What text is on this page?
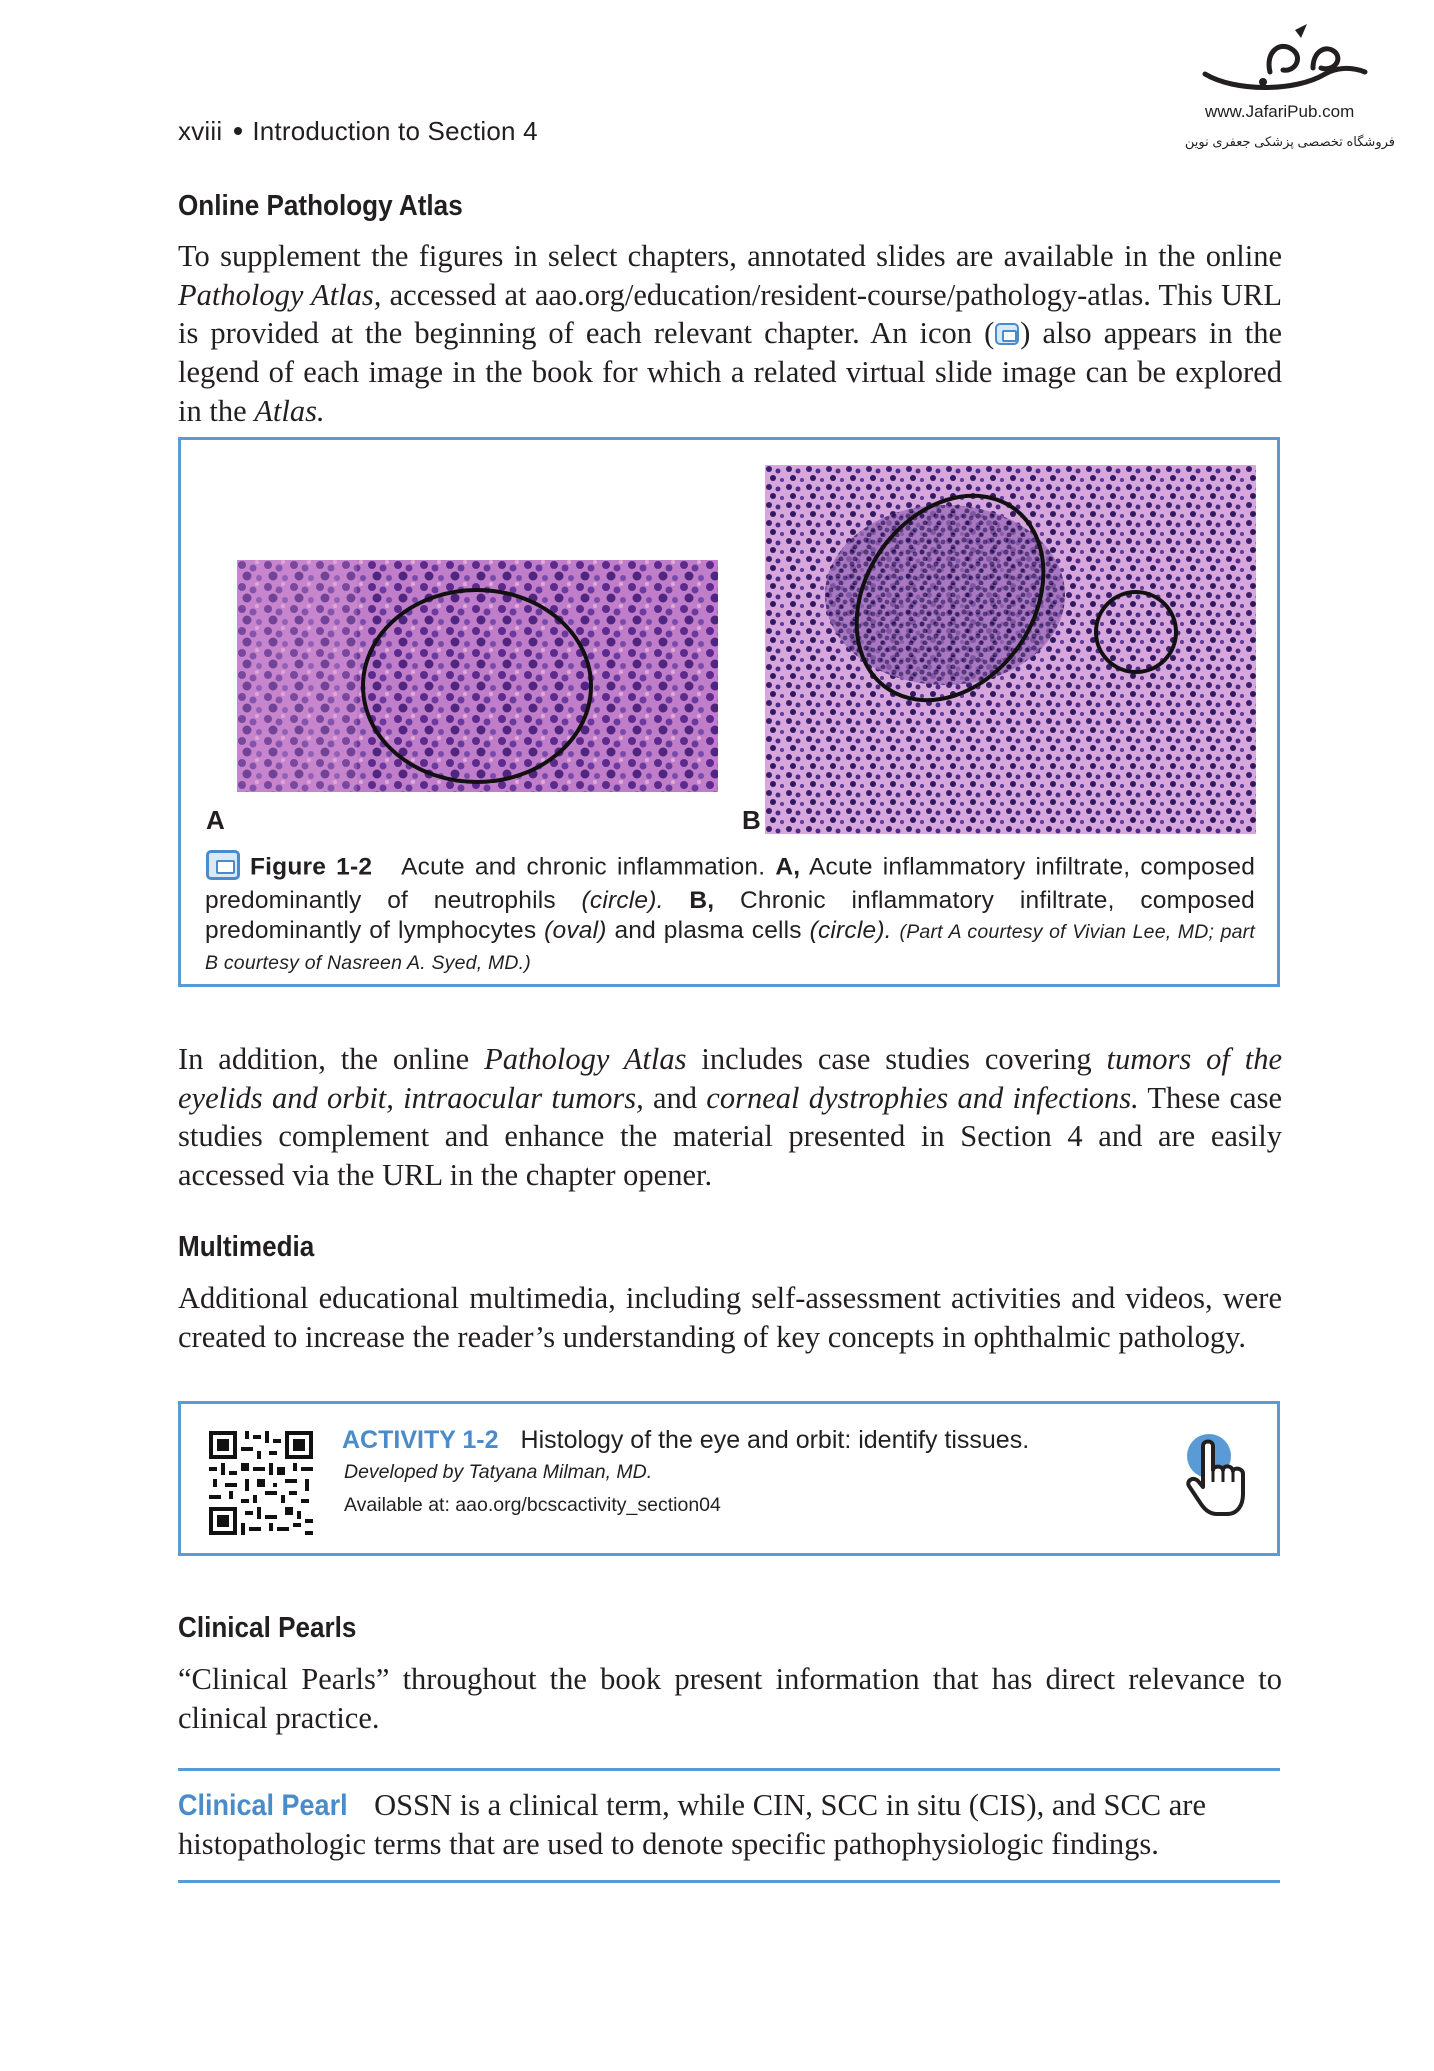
xviii Introduction to Section 4
www.JafariPub.com
فروشگاه تخصصی پزشکی جعفری نوین
Online Pathology Atlas

To supplement the figures in select chapters, annotated slides are available in the online Pathology Atlas, accessed at aao.org/education/resident-course/pathology-atlas. This URL is provided at the beginning of each relevant chapter. An icon ( ) also appears in the legend of each image in the book for which a related virtual slide image can be explored in the Atlas.

A	B
Figure 1-2 Acute and chronic inflammation. A, Acute inflammatory infiltrate, composed predominantly of neutrophils (circle). B, Chronic inflammatory infiltrate, composed predominantly of lymphocytes (oval) and plasma cells (circle). (Part A courtesy of Vivian Lee, MD; part B courtesy of Nasreen A. Syed, MD.)

In addition, the online Pathology Atlas includes case studies covering tumors of the eyelids and orbit, intraocular tumors, and corneal dystrophies and infections. These case studies complement and enhance the material presented in Section 4 and are easily accessed via the URL in the chapter opener.

Multimedia

Additional educational multimedia, including self-assessment activities and videos, were created to increase the reader’s understanding of key concepts in ophthalmic pathology.

ACTIVITY 1-2 Histology of the eye and orbit: identify tissues.
Developed by Tatyana Milman, MD.
Available at: aao.org/bcscactivity_section04
Clinical Pearls

“Clinical Pearls” throughout the book present information that has direct relevance to clinical practice.

Clinical Pearl OSSN is a clinical term, while CIN, SCC in situ (CIS), and SCC are histopathologic terms that are used to denote specific pathophysiologic findings.
